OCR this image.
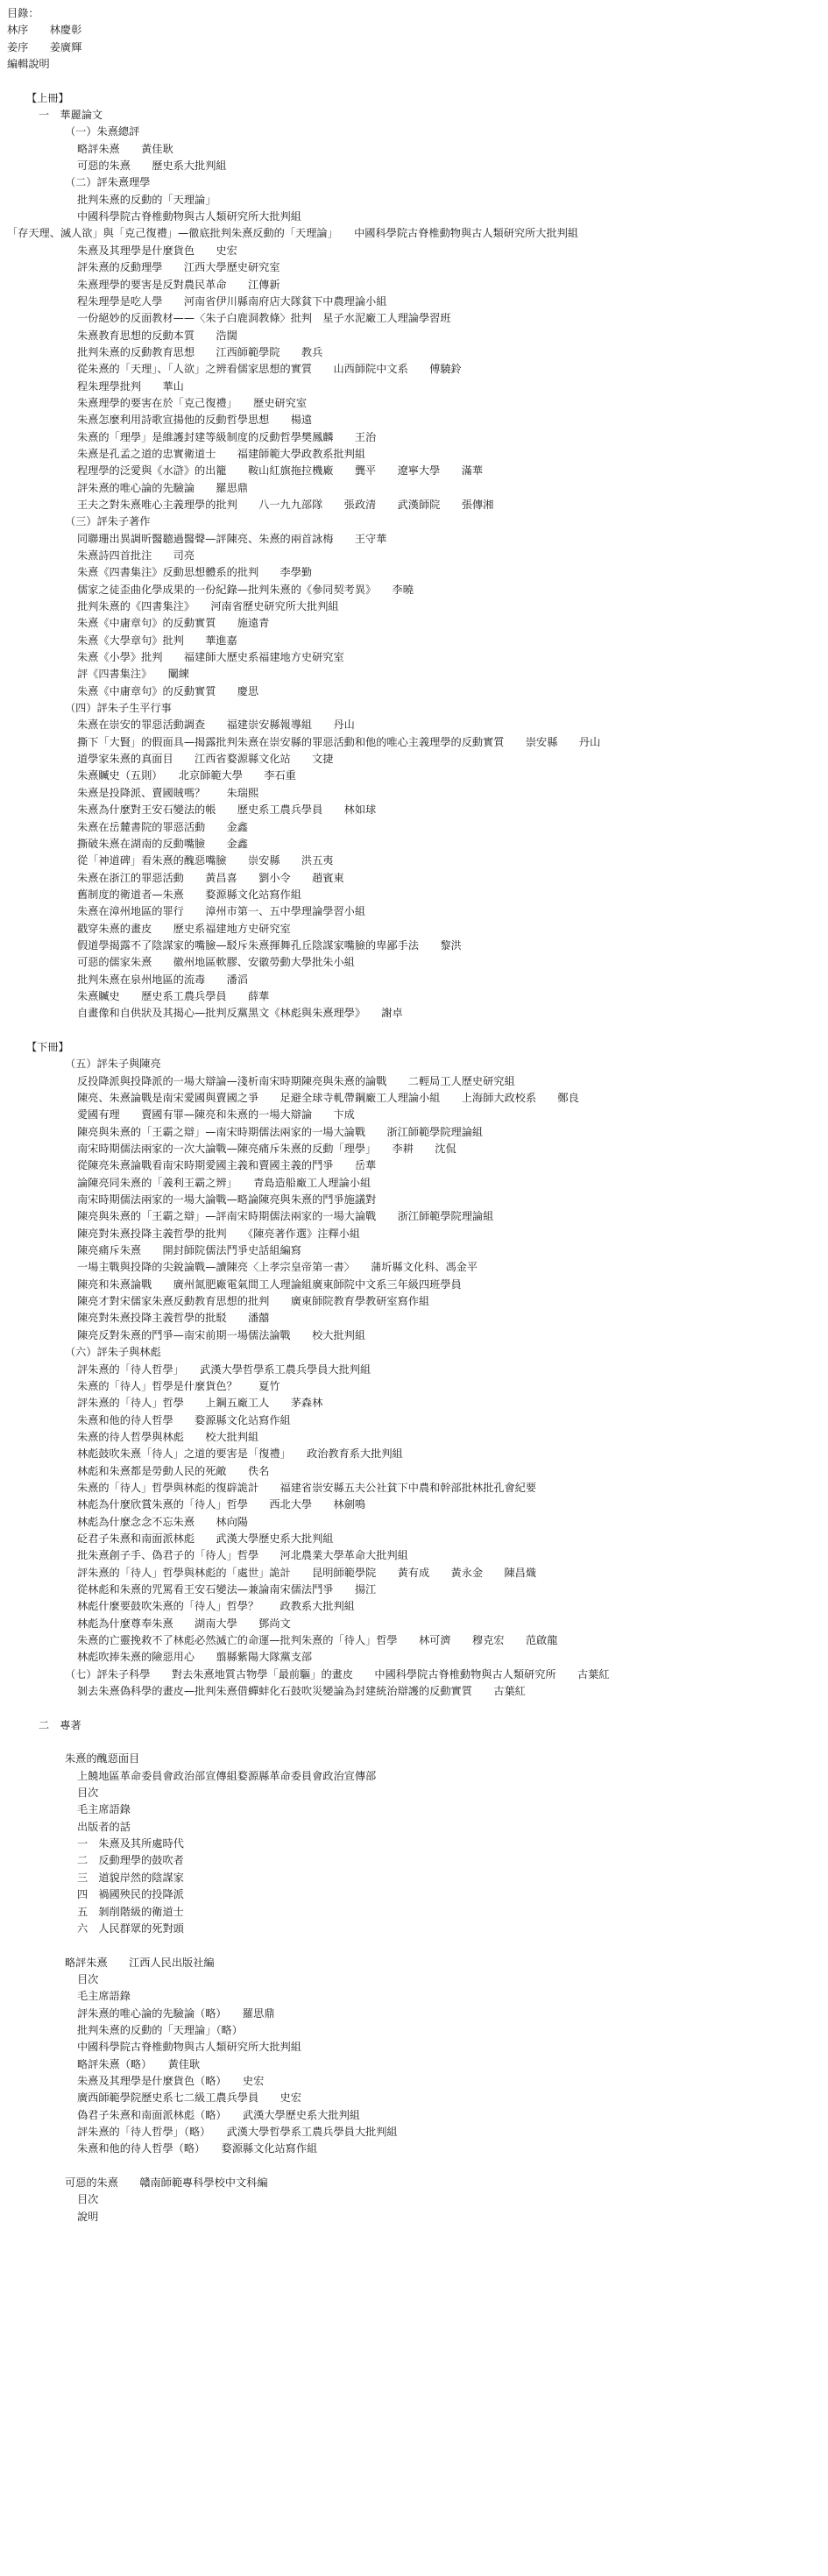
目錄：
林序　　林慶彰
姜序　　姜廣輝
編輯說明
【上冊】
一　華麗論文
（一）朱熹總評
略評朱熹　　黃佳耿
可惡的朱熹　　歷史系大批判組
（二）評朱熹理學
批判朱熹的反動的「天理論」
中國科學院古脊椎動物與古人類研究所大批判組
「存天理、滅人欲」與「克己復禮」—徹底批判朱熹反動的「天理論」　　中國科學院古脊椎動物與古人類研究所大批判組
朱熹及其理學是什麼貨色　　史宏
評朱熹的反動理學　　江西大學歷史研究室
朱熹理學的要害是反對農民革命　　江傳新
程朱理學是吃人學　　河南省伊川縣南府店大隊貧下中農理論小組
一份絕妙的反面教材——〈朱子白鹿洞教條〉批判　星子水泥廠工人理論學習班
朱熹教育思想的反動本質　　浩闊
批判朱熹的反動教育思想　　江西師範學院　　教兵
從朱熹的「天理」、「人欲」之辨看儒家思想的實質　　山西師院中文系　　傅驍鈴
程朱理學批判　　華山
朱熹理學的要害在於「克己復禮」　　歷史研究室
朱熹怎麼利用詩歌宣揚他的反動哲學思想　　楊遠
朱熹的「理學」是維護封建等級制度的反動哲學樊鳳麟　　王治
朱熹是孔孟之道的忠實衛道士　　福建師範大學政教系批判組
程理學的泛愛與《水滸》的出籠　　鞍山紅旗拖拉機廠　　龔平　　遼寧大學　　滿華
評朱熹的唯心論的先驗論　　羅思鼎
王夫之對朱熹唯心主義理學的批判　　八一九九部隊　　張政清　　武漢師院　　張傳湘
（三）評朱子著作
同聯珊出異調昕醫聽過醫聲—評陳亮、朱熹的兩首詠梅　　王守華
朱熹詩四首批注　　司亮
朱熹《四書集注》反動思想體系的批判　　李學勤
儒家之徒歪曲化學成果的一份紀錄—批判朱熹的《參同契考異》　　李曉
批判朱熹的《四書集注》　　河南省歷史研究所大批判組
朱熹《中庸章句》的反動實質　　施遠青
朱熹《大學章句》批判　　華進嘉
朱熹《小學》批判　　福建師大歷史系福建地方史研究室
評《四書集注》　　闡練
朱熹《中庸章句》的反動實質　　慶思
（四）評朱子生平行事
朱熹在崇安的罪惡活動調查　　福建崇安縣報導組　　丹山
撕下「大賢」的假面具—揭露批判朱熹在崇安縣的罪惡活動和他的唯心主義理學的反動實質　　崇安縣　　丹山
道學家朱熹的真面目　　江西省婺源縣文化站　　文捷
朱熹贓史（五則）　　北京師範大學　　李石重
朱熹是投降派、賣國賊嗎？　　朱瑞熙
朱熹為什麼對王安石變法的帳　　歷史系工農兵學員　　林如球
朱熹在岳麓書院的罪惡活動　　金鑫
撕破朱熹在湖南的反動嘴臉　　金鑫
從「神道碑」看朱熹的醜惡嘴臉　　崇安縣　　洪五夷
朱熹在浙江的罪惡活動　　黃昌喜　　劉小令　　趙賓東
舊制度的衛道者—朱熹　　婺源縣文化站寫作組
朱熹在漳州地區的罪行　　漳州市第一、五中學理論學習小組
戳穿朱熹的畫皮　　歷史系福建地方史研究室
假道學揭露不了陰謀家的嘴臉—駁斥朱熹揮舞孔丘陰謀家嘴臉的卑鄙手法　　黎洪
可惡的儒家朱熹　　徽州地區軟膠、安徽勞動大學批朱小組
批判朱熹在泉州地區的流毒　　潘滔
朱熹贓史　　歷史系工農兵學員　　薛華
自畫像和自供狀及其揭心—批判反黨黑文《林彪與朱熹理學》　　謝卓
【下冊】
（五）評朱子與陳亮
反投降派與投降派的一場大辯論—淺析南宋時期陳亮與朱熹的論戰　　二輕局工人歷史研究組
陳亮、朱熹論戰是南宋愛國與賣國之爭　　足避全球寺軋帶鋼廠工人理論小組　　上海師大政校系　　鄭良
愛國有理　　賣國有罪—陳亮和朱熹的一場大辯論　　卞成
陳亮與朱熹的「王霸之辯」—南宋時期儒法兩家的一場大論戰　　浙江師範學院理論組
南宋時期儒法兩家的一次大論戰—陳亮痛斥朱熹的反動「理學」　　李耕　　沈侃
從陳亮朱熹論戰看南宋時期愛國主義和賣國主義的鬥爭　　岳華
論陳亮同朱熹的「義利王霸之辨」　　青島造船廠工人理論小組
南宋時期儒法兩家的一場大論戰—略論陳亮與朱熹的鬥爭施議對
陳亮與朱熹的「王霸之辯」—評南宋時期儒法兩家的一場大論戰　　浙江師範學院理論組
陳亮對朱熹投降主義哲學的批判　　《陳亮著作選》注釋小組
陳亮痛斥朱熹　　開封師院儒法鬥爭史話組編寫
一場主戰與投降的尖銳論戰—讀陳亮〈上孝宗皇帝第一書〉　　蒲圻縣文化科、馮金平
陳亮和朱熹論戰　　廣州氮肥廠電氣間工人理論組廣東師院中文系三年級四班學員
陳亮才對宋儒家朱熹反動教育思想的批判　　廣東師院教育學教研室寫作組
陳亮對朱熹投降主義哲學的批駁　　潘囍
陳亮反對朱熹的鬥爭—南宋前期一場儒法論戰　　校大批判組
（六）評朱子與林彪
評朱熹的「待人哲學」　　武漢大學哲學系工農兵學員大批判組
朱熹的「待人」哲學是什麼貨色？　　夏竹
評朱熹的「待人」哲學　　上鋼五廠工人　　茅森林
朱熹和他的待人哲學　　婺源縣文化站寫作組
朱熹的待人哲學與林彪　　校大批判組
林彪鼓吹朱熹「待人」之道的要害是「復禮」　　政治教育系大批判組
林彪和朱熹都是勞動人民的死敵　　佚名
朱熹的「待人」哲學與林彪的復辟詭計　　福建省崇安縣五夫公社貧下中農和幹部批林批孔會紀要
林彪為什麼欣賞朱熹的「待人」哲學　　西北大學　　林劍鳴
林彪為什麼念念不忘朱熹　　林向陽
砭君子朱熹和南面派林彪　　武漢大學歷史系大批判組
批朱熹創子手、偽君子的「待人」哲學　　河北農業大學革命大批判組
評朱熹的「待人」哲學與林彪的「處世」詭計　　昆明師範學院　　黃有成　　黃永金　　陳昌熾
從林彪和朱熹的咒罵看王安石變法—兼論南宋儒法鬥爭　　揚江
林彪什麼要鼓吹朱熹的「待人」哲學？　　政教系大批判組
林彪為什麼尊奉朱熹　　湖南大學　　鄧尚文
朱熹的亡靈挽救不了林彪必然滅亡的命運—批判朱熹的「待人」哲學　　林可濟　　穆克宏　　范啟龍
林彪吹捧朱熹的險惡用心　　翦縣紫陽大隊黨支部
（七）評朱子科學　　對去朱熹地質古物學「最前驅」的畫皮　　中國科學院古脊椎動物與古人類研究所　　古葉紅
剝去朱熹偽科學的畫皮—批判朱熹借蟬蚌化石鼓吹災變論為封建統治辯護的反動實質　　古葉紅
二　專著
朱熹的醜惡面目
上饒地區革命委員會政治部宣傳組婺源縣革命委員會政治宣傳部
目次
毛主席語錄
出版者的話
一　朱熹及其所處時代
二　反動理學的鼓吹者
三　道貌岸然的陰謀家
四　禍國殃民的投降派
五　剝削階級的衛道士
六　人民群眾的死對頭
略評朱熹　　江西人民出版社編
目次
毛主席語錄
評朱熹的唯心論的先驗論（略）　　羅思鼎
批判朱熹的反動的「天理論」（略）
中國科學院古脊椎動物與古人類研究所大批判組
略評朱熹（略）　　黃佳耿
朱熹及其理學是什麼貨色（略）　　史宏
廣西師範學院歷史系七二級工農兵學員　　史宏
偽君子朱熹和南面派林彪（略）　　武漢大學歷史系大批判組
評朱熹的「待人哲學」（略）　　武漢大學哲學系工農兵學員大批判組
朱熹和他的待人哲學（略）　　婺源縣文化站寫作組
可惡的朱熹　　贛南師範專科學校中文科編
目次
說明
